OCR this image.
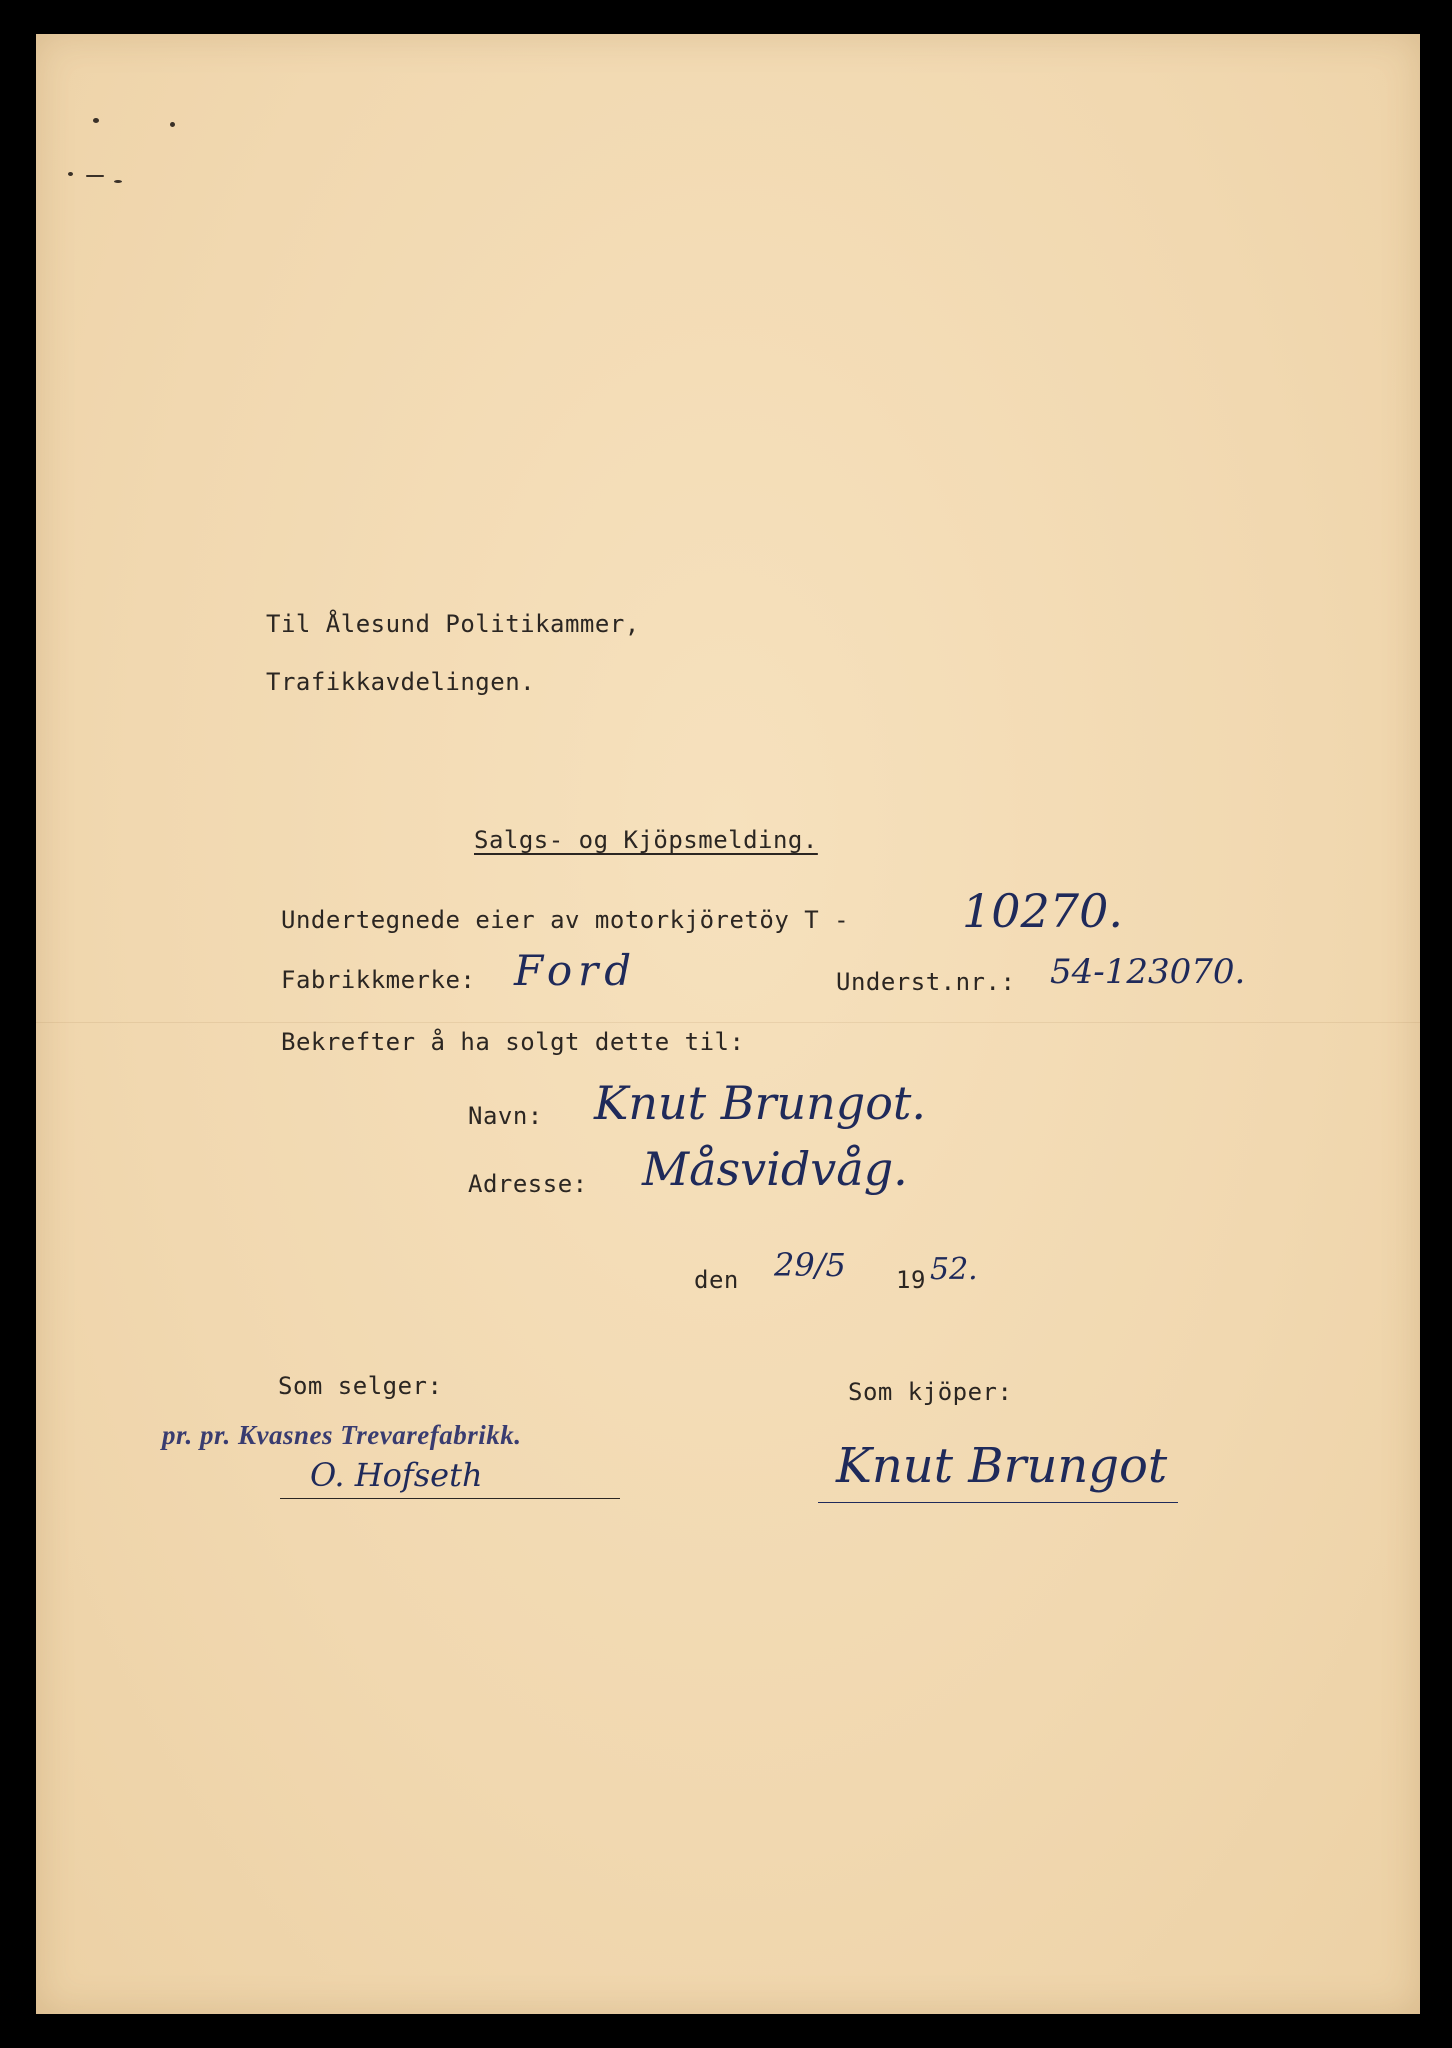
Til Ålesund Politikammer,
Trafikkavdelingen.
Salgs- og Kjöpsmelding.
Undertegnede eier av motorkjöretöy T - 10270.
Fabrikkmerke: Ford	Underst.nr.: 54-123070.
Bekrefter å ha solgt dette til:
Navn: Knut Brungot.
Adresse: Måsvidvåg.
den 29/5 19 52.
Som selger:
pr. pr. Kvasnes Trevarefabrikk.
O. Hofseth
Som kjöper:
Knut Brungot
